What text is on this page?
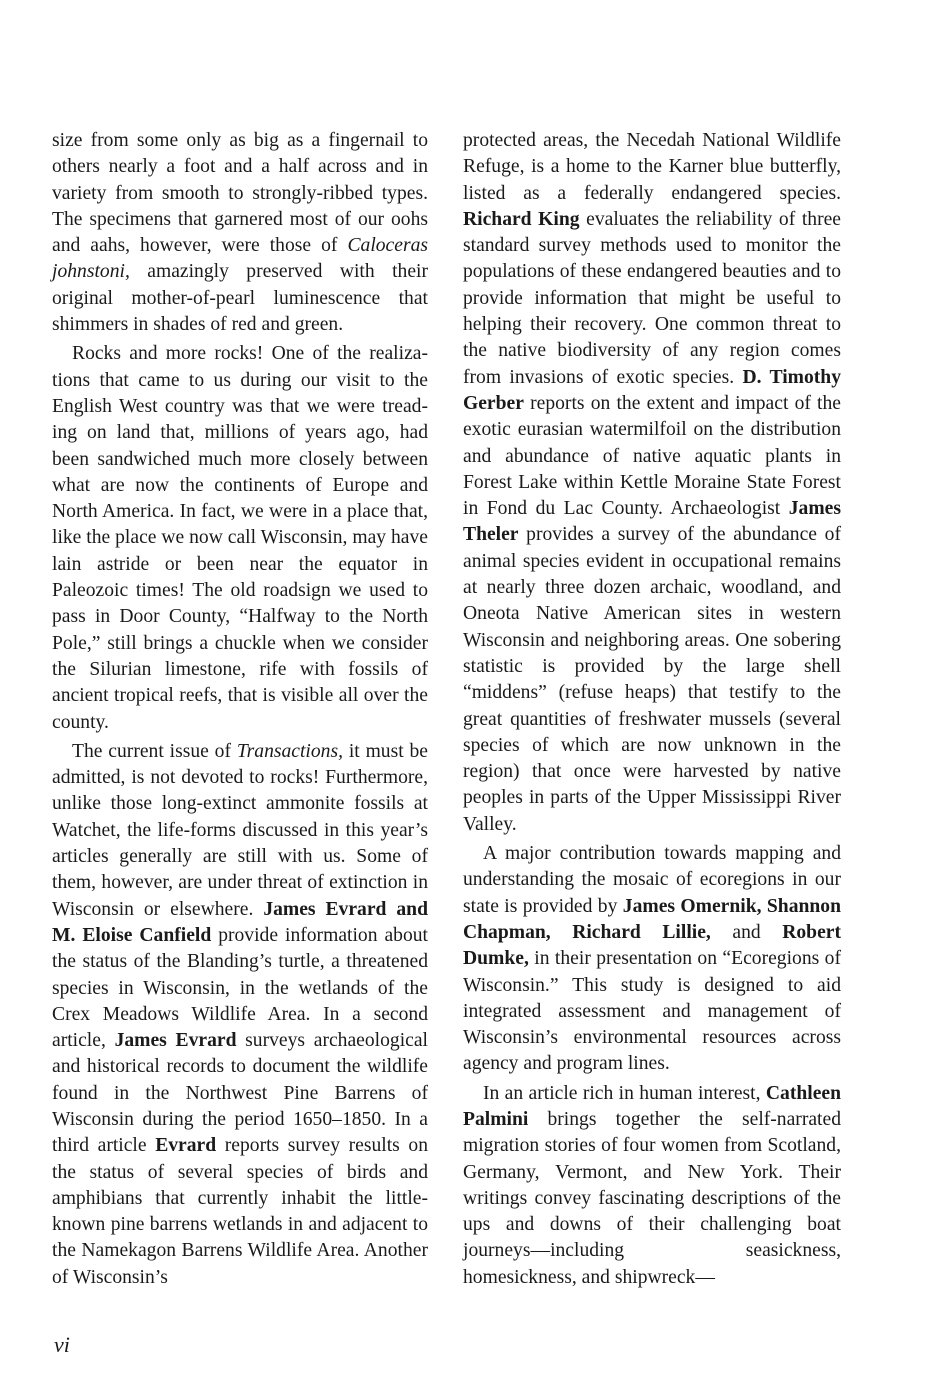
size from some only as big as a fingernail to others nearly a foot and a half across and in variety from smooth to strongly-ribbed types. The specimens that garnered most of our oohs and aahs, however, were those of Caloceras johnstoni, amazingly preserved with their original mother-of-pearl luminescence that shimmers in shades of red and green.

Rocks and more rocks! One of the realizations that came to us during our visit to the English West country was that we were treading on land that, millions of years ago, had been sandwiched much more closely between what are now the continents of Europe and North America. In fact, we were in a place that, like the place we now call Wisconsin, may have lain astride or been near the equator in Paleozoic times! The old roadsign we used to pass in Door County, “Halfway to the North Pole,” still brings a chuckle when we consider the Silurian limestone, rife with fossils of ancient tropical reefs, that is visible all over the county.

The current issue of Transactions, it must be admitted, is not devoted to rocks! Furthermore, unlike those long-extinct ammonite fossils at Watchet, the life-forms discussed in this year’s articles generally are still with us. Some of them, however, are under threat of extinction in Wisconsin or elsewhere. James Evrard and M. Eloise Canfield provide information about the status of the Blanding’s turtle, a threatened species in Wisconsin, in the wetlands of the Crex Meadows Wildlife Area. In a second article, James Evrard surveys archaeological and historical records to document the wildlife found in the Northwest Pine Barrens of Wisconsin during the period 1650–1850. In a third article Evrard reports survey results on the status of several species of birds and amphibians that currently inhabit the little-known pine barrens wetlands in and adjacent to the Namekagon Barrens Wildlife Area. Another of Wisconsin’s

protected areas, the Necedah National Wildlife Refuge, is a home to the Karner blue butterfly, listed as a federally endangered species. Richard King evaluates the reliability of three standard survey methods used to monitor the populations of these endangered beauties and to provide information that might be useful to helping their recovery. One common threat to the native biodiversity of any region comes from invasions of exotic species. D. Timothy Gerber reports on the extent and impact of the exotic eurasian watermilfoil on the distribution and abundance of native aquatic plants in Forest Lake within Kettle Moraine State Forest in Fond du Lac County. Archaeologist James Theler provides a survey of the abundance of animal species evident in occupational remains at nearly three dozen archaic, woodland, and Oneota Native American sites in western Wisconsin and neighboring areas. One sobering statistic is provided by the large shell “middens” (refuse heaps) that testify to the great quantities of freshwater mussels (several species of which are now unknown in the region) that once were harvested by native peoples in parts of the Upper Mississippi River Valley.

A major contribution towards mapping and understanding the mosaic of ecoregions in our state is provided by James Omernik, Shannon Chapman, Richard Lillie, and Robert Dumke, in their presentation on “Ecoregions of Wisconsin.” This study is designed to aid integrated assessment and management of Wisconsin’s environmental resources across agency and program lines.

In an article rich in human interest, Cathleen Palmini brings together the self-narrated migration stories of four women from Scotland, Germany, Vermont, and New York. Their writings convey fascinating descriptions of the ups and downs of their challenging boat journeys—including seasickness, homesickness, and shipwreck—

vi
